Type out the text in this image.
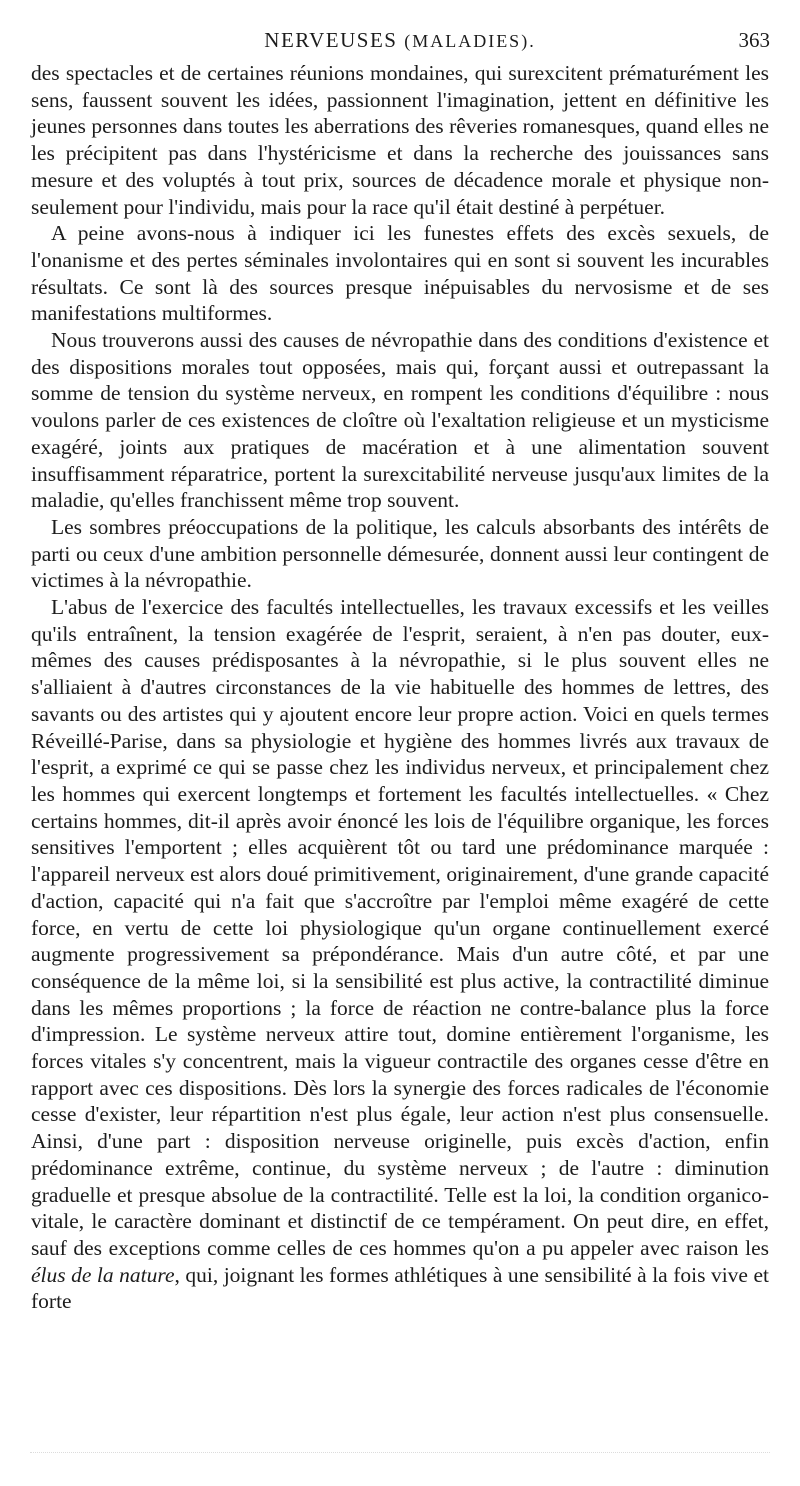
NERVEUSES (MALADIES).	363

des spectacles et de certaines réunions mondaines, qui surexcitent prématurément les sens, faussent souvent les idées, passionnent l'imagination, jettent en définitive les jeunes personnes dans toutes les aberrations des rêveries romanesques, quand elles ne les précipitent pas dans l'hystéricisme et dans la recherche des jouissances sans mesure et des voluptés à tout prix, sources de décadence morale et physique non-seulement pour l'individu, mais pour la race qu'il était destiné à perpétuer.

A peine avons-nous à indiquer ici les funestes effets des excès sexuels, de l'onanisme et des pertes séminales involontaires qui en sont si souvent les incurables résultats. Ce sont là des sources presque inépuisables du nervosisme et de ses manifestations multiformes.

Nous trouverons aussi des causes de névropathie dans des conditions d'existence et des dispositions morales tout opposées, mais qui, forçant aussi et outrepassant la somme de tension du système nerveux, en rompent les conditions d'équilibre : nous voulons parler de ces existences de cloître où l'exaltation religieuse et un mysticisme exagéré, joints aux pratiques de macération et à une alimentation souvent insuffisamment réparatrice, portent la surexcitabilité nerveuse jusqu'aux limites de la maladie, qu'elles franchissent même trop souvent.

Les sombres préoccupations de la politique, les calculs absorbants des intérêts de parti ou ceux d'une ambition personnelle démesurée, donnent aussi leur contingent de victimes à la névropathie.

L'abus de l'exercice des facultés intellectuelles, les travaux excessifs et les veilles qu'ils entraînent, la tension exagérée de l'esprit, seraient, à n'en pas douter, eux-mêmes des causes prédisposantes à la névropathie, si le plus souvent elles ne s'alliaient à d'autres circonstances de la vie habituelle des hommes de lettres, des savants ou des artistes qui y ajoutent encore leur propre action. Voici en quels termes Réveillé-Parise, dans sa physiologie et hygiène des hommes livrés aux travaux de l'esprit, a exprimé ce qui se passe chez les individus nerveux, et principalement chez les hommes qui exercent longtemps et fortement les facultés intellectuelles. « Chez certains hommes, dit-il après avoir énoncé les lois de l'équilibre organique, les forces sensitives l'emportent ; elles acquièrent tôt ou tard une prédominance marquée : l'appareil nerveux est alors doué primitivement, originairement, d'une grande capacité d'action, capacité qui n'a fait que s'accroître par l'emploi même exagéré de cette force, en vertu de cette loi physiologique qu'un organe continuellement exercé augmente progressivement sa prépondérance. Mais d'un autre côté, et par une conséquence de la même loi, si la sensibilité est plus active, la contractilité diminue dans les mêmes proportions ; la force de réaction ne contre-balance plus la force d'impression. Le système nerveux attire tout, domine entièrement l'organisme, les forces vitales s'y concentrent, mais la vigueur contractile des organes cesse d'être en rapport avec ces dispositions. Dès lors la synergie des forces radicales de l'économie cesse d'exister, leur répartition n'est plus égale, leur action n'est plus consensuelle. Ainsi, d'une part : disposition nerveuse originelle, puis excès d'action, enfin prédominance extrême, continue, du système nerveux ; de l'autre : diminution graduelle et presque absolue de la contractilité. Telle est la loi, la condition organico-vitale, le caractère dominant et distinctif de ce tempérament. On peut dire, en effet, sauf des exceptions comme celles de ces hommes qu'on a pu appeler avec raison les élus de la nature, qui, joignant les formes athlétiques à une sensibilité à la fois vive et forte
